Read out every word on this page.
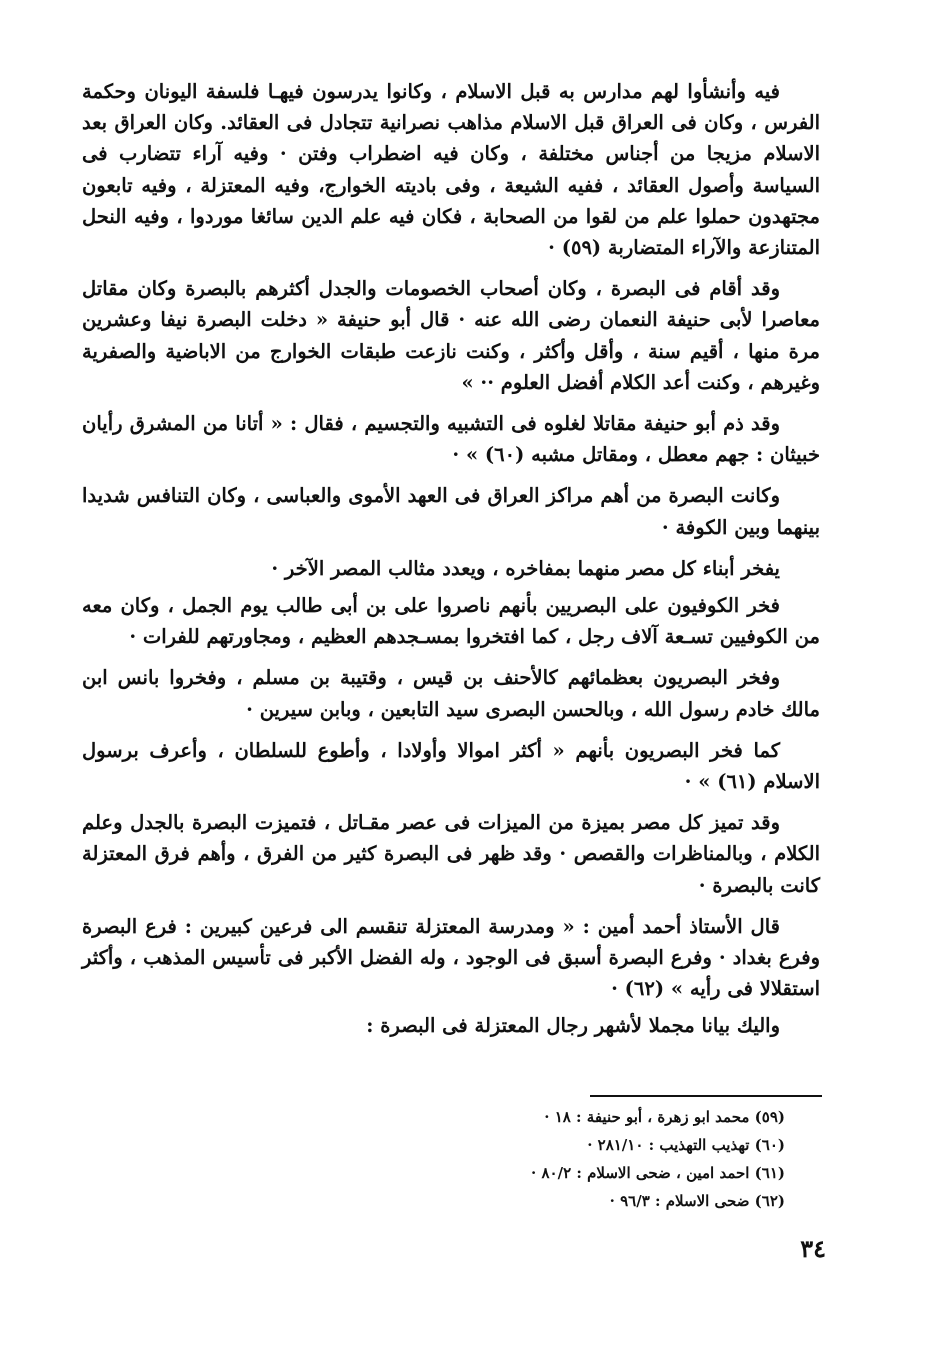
فيه وأنشأوا لهم مدارس به قبل الاسلام ، وكانوا يدرسون فيهـا فلسفة اليونان وحكمة الفرس ، وكان فى العراق قبل الاسلام مذاهب نصرانية تتجادل فى العقائد. وكان العراق بعد الاسلام مزيجا من أجناس مختلفة ، وكان فيه اضطراب وفتن · وفيه آراء تتضارب فى السياسة وأصول العقائد ، ففيه الشيعة ، وفى باديته الخوارج، وفيه المعتزلة ، وفيه تابعون مجتهدون حملوا علم من لقوا من الصحابة ، فكان فيه علم الدين سائغا موردوا ، وفيه النحل المتنازعة والآراء المتضاربة (٥٩) ·

وقد أقام فى البصرة ، وكان أصحاب الخصومات والجدل أكثرهم بالبصرة وكان مقاتل معاصرا لأبى حنيفة النعمان رضى الله عنه · قال أبو حنيفة « دخلت البصرة نيفا وعشرين مرة منها ، أقيم سنة ، وأقل وأكثر ، وكنت نازعت طبقات الخوارج من الاباضية والصفرية وغيرهم ، وكنت أعد الكلام أفضل العلوم ·· »

وقد ذم أبو حنيفة مقاتلا لغلوه فى التشبيه والتجسيم ، فقال : « أتانا من المشرق رأيان خبيثان : جهم معطل ، ومقاتل مشبه (٦٠) » ·

وكانت البصرة من أهم مراكز العراق فى العهد الأموى والعباسى ، وكان التنافس شديدا بينهما وبين الكوفة ·

يفخر أبناء كل مصر منهما بمفاخره ، ويعدد مثالب المصر الآخر ·

فخر الكوفيون على البصريين بأنهم ناصروا على بن أبى طالب يوم الجمل ، وكان معه من الكوفيين تسـعة آلاف رجل ، كما افتخروا بمسـجدهم العظيم ، ومجاورتهم للفرات ·

وفخر البصريون بعظمائهم كالأحنف بن قيس ، وقتيبة بن مسلم ، وفخروا بانس ابن مالك خادم رسول الله ، وبالحسن البصرى سيد التابعين ، وبابن سيرين ·

كما فخر البصريون بأنهم « أكثر اموالا وأولادا ، وأطوع للسلطان ، وأعرف برسول الاسلام (٦١) » ·

وقد تميز كل مصر بميزة من الميزات فى عصر مقـاتل ، فتميزت البصرة بالجدل وعلم الكلام ، وبالمناظرات والقصص · وقد ظهر فى البصرة كثير من الفرق ، وأهم فرق المعتزلة كانت بالبصرة ·

قال الأستاذ أحمد أمين : « ومدرسة المعتزلة تنقسم الى فرعين كبيرين : فرع البصرة وفرع بغداد · وفرع البصرة أسبق فى الوجود ، وله الفضل الأكبر فى تأسيس المذهب ، وأكثر استقلالا فى رأيه » (٦٢) ·

واليك بيانا مجملا لأشهر رجال المعتزلة فى البصرة :

(٥٩) محمد ابو زهرة ، أبو حنيفة : ١٨ ·

(٦٠) تهذيب التهذيب : ٢٨١/١٠ ·

(٦١) احمد امين ، ضحى الاسلام : ٨٠/٢ ·

(٦٢) ضحى الاسلام : ٩٦/٣ ·

٣٤
